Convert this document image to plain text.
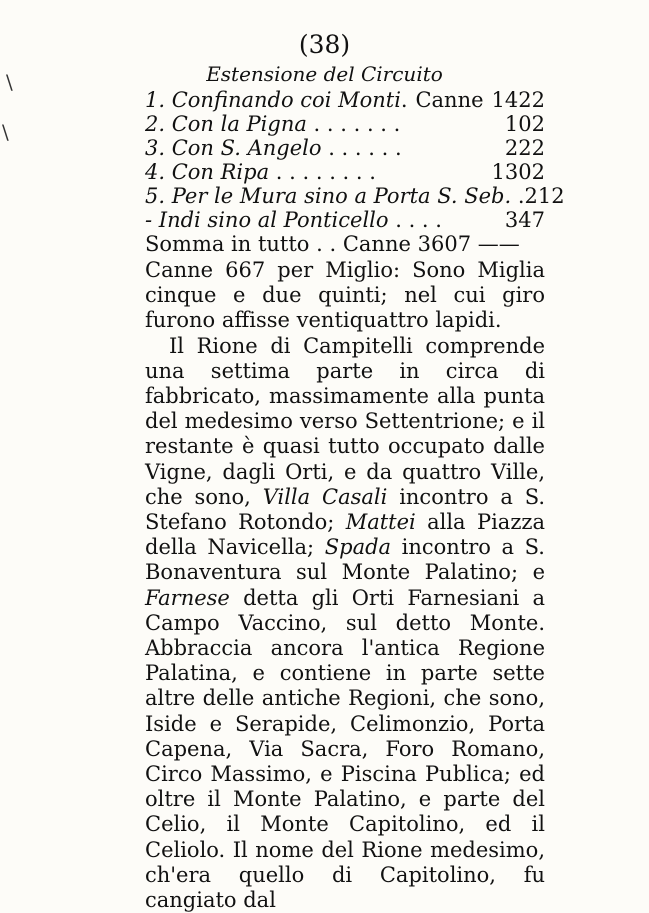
(38)
Estensione del Circuito
1. Confinando coi Monti . Canne 1422
2. Con la Pigna . . . . . . .	102
3. Con S. Angelo . . . . . .	222
4. Con Ripa . . . . . . . .	1302
5. Per le Mura sino a Porta S. Seb. . 212
- Indi sino al Ponticello . . . .	347
Somma in tutto . . Canne 3607 ——

Canne 667 per Miglio: Sono Miglia cinque e due quinti; nel cui giro furono affisse ventiquattro lapidi.

Il Rione di Campitelli comprende una settima parte in circa di fabbricato, massimamente alla punta del medesimo verso Settentrione; e il restante è quasi tutto occupato dalle Vigne, dagli Orti, e da quattro Ville, che sono, Villa Casali incontro a S. Stefano Rotondo; Mattei alla Piazza della Navicella; Spada incontro a S. Bonaventura sul Monte Palatino; e Farnese detta gli Orti Farnesiani a Campo Vaccino, sul detto Monte. Abbraccia ancora l'antica Regione Palatina, e contiene in parte sette altre delle antiche Regioni, che sono, Iside e Serapide, Celimonzio, Porta Capena, Via Sacra, Foro Romano, Circo Massimo, e Piscina Publica; ed oltre il Monte Palatino, e parte del Celio, il Monte Capitolino, ed il Celiolo. Il nome del Rione medesimo, ch'era quello di Capitolino, fu cangiato dal

\
\
